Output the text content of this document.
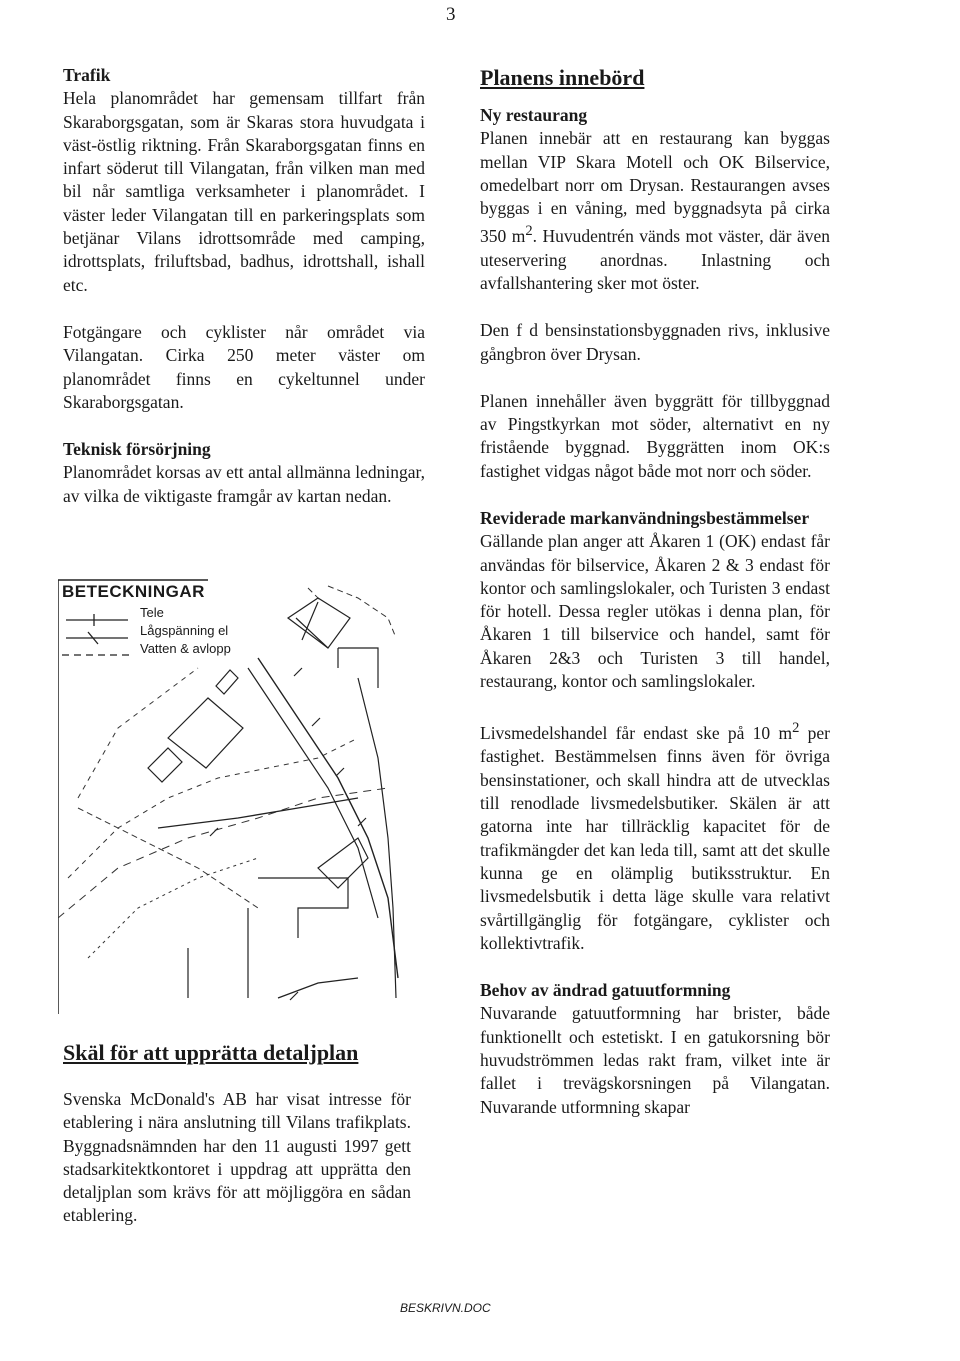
3

Trafik

Hela planområdet har gemensam tillfart från Skaraborgsgatan, som är Skaras stora huvudgata i väst-östlig riktning. Från Skaraborgsgatan finns en infart söderut till Vilangatan, från vilken man med bil når samtliga verksamheter i planområdet. I väster leder Vilangatan till en parkeringsplats som betjänar Vilans idrottsområde med camping, idrottsplats, friluftsbad, badhus, idrottshall, ishall etc.

Fotgängare och cyklister når området via Vilangatan. Cirka 250 meter väster om planområdet finns en cykeltunnel under Skaraborgsgatan.

Teknisk försörjning

Planområdet korsas av ett antal allmänna ledningar, av vilka de viktigaste framgår av kartan nedan.

BETECKNINGAR
Tele
Lågspänning el
Vatten & avlopp
Skäl för att upprätta detaljplan
Svenska McDonald's AB har visat intresse för etablering i nära anslutning till Vilans trafikplats. Byggnadsnämnden har den 11 augusti 1997 gett stadsarkitektkontoret i uppdrag att upprätta den detaljplan som krävs för att möjliggöra en sådan etablering.

Planens innebörd

Ny restaurang

Planen innebär att en restaurang kan byggas mellan VIP Skara Motell och OK Bilservice, omedelbart norr om Drysan. Restaurangen avses byggas i en våning, med byggnadsyta på cirka 350 $m^2$. Huvudentrén vänds mot väster, där även uteservering anordnas. Inlastning och avfallshantering sker mot öster.

Den f d bensinstationsbyggnaden rivs, inklusive gångbron över Drysan.

Planen innehåller även byggrätt för tillbyggnad av Pingstkyrkan mot söder, alternativt en ny fristående byggnad. Byggrätten inom OK:s fastighet vidgas något både mot norr och söder.

Reviderade markanvändningsbestämmelser

Gällande plan anger att Åkaren 1 (OK) endast får användas för bilservice, Åkaren 2 & 3 endast för kontor och samlingslokaler, och Turisten 3 endast för hotell. Dessa regler utökas i denna plan, för Åkaren 1 till bilservice och handel, samt för Åkaren 2&3 och Turisten 3 till handel, restaurang, kontor och samlingslokaler.

Livsmedelshandel får endast ske på 10 $m^2$ per fastighet. Bestämmelsen finns även för övriga bensinstationer, och skall hindra att de utvecklas till renodlade livsmedelsbutiker. Skälen är att gatorna inte har tillräcklig kapacitet för de trafikmängder det kan leda till, samt att det skulle kunna ge en olämplig butiksstruktur. En livsmedelsbutik i detta läge skulle vara relativt svårtillgänglig för fotgängare, cyklister och kollektivtrafik.

Behov av ändrad gatuutformning

Nuvarande gatuutformning har brister, både funktionellt och estetiskt. I en gatukorsning bör huvudströmmen ledas rakt fram, vilket inte är fallet i trevägskorsningen på Vilangatan. Nuvarande utformning skapar

BESKRIVN.DOC
